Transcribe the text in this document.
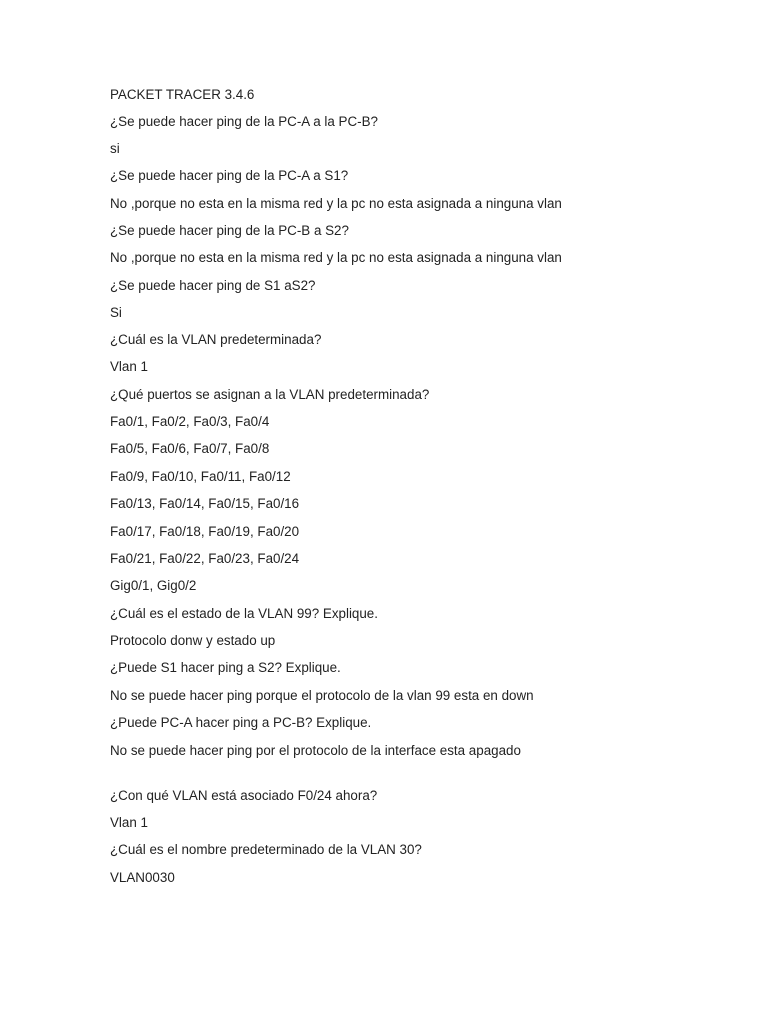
PACKET TRACER 3.4.6

¿Se puede hacer ping de la PC-A a la PC-B?

si

¿Se puede hacer ping de la PC-A a S1?

No ,porque no esta en la misma red y la pc no esta asignada a ninguna vlan

¿Se puede hacer ping de la PC-B a S2?

No ,porque no esta en la misma red y la pc no esta asignada a ninguna vlan

¿Se puede hacer ping de S1 aS2?

Si

¿Cuál es la VLAN predeterminada?

Vlan 1

¿Qué puertos se asignan a la VLAN predeterminada?

Fa0/1, Fa0/2, Fa0/3, Fa0/4

Fa0/5, Fa0/6, Fa0/7, Fa0/8

Fa0/9, Fa0/10, Fa0/11, Fa0/12

Fa0/13, Fa0/14, Fa0/15, Fa0/16

Fa0/17, Fa0/18, Fa0/19, Fa0/20

Fa0/21, Fa0/22, Fa0/23, Fa0/24

Gig0/1, Gig0/2

¿Cuál es el estado de la VLAN 99? Explique.

Protocolo donw y estado up

¿Puede S1 hacer ping a S2? Explique.

No se puede hacer ping porque el protocolo de la vlan 99 esta en down

¿Puede PC-A hacer ping a PC-B? Explique.

No se puede hacer ping por el protocolo de la interface esta apagado

¿Con qué VLAN está asociado F0/24 ahora?

Vlan 1

¿Cuál es el nombre predeterminado de la VLAN 30?

VLAN0030
